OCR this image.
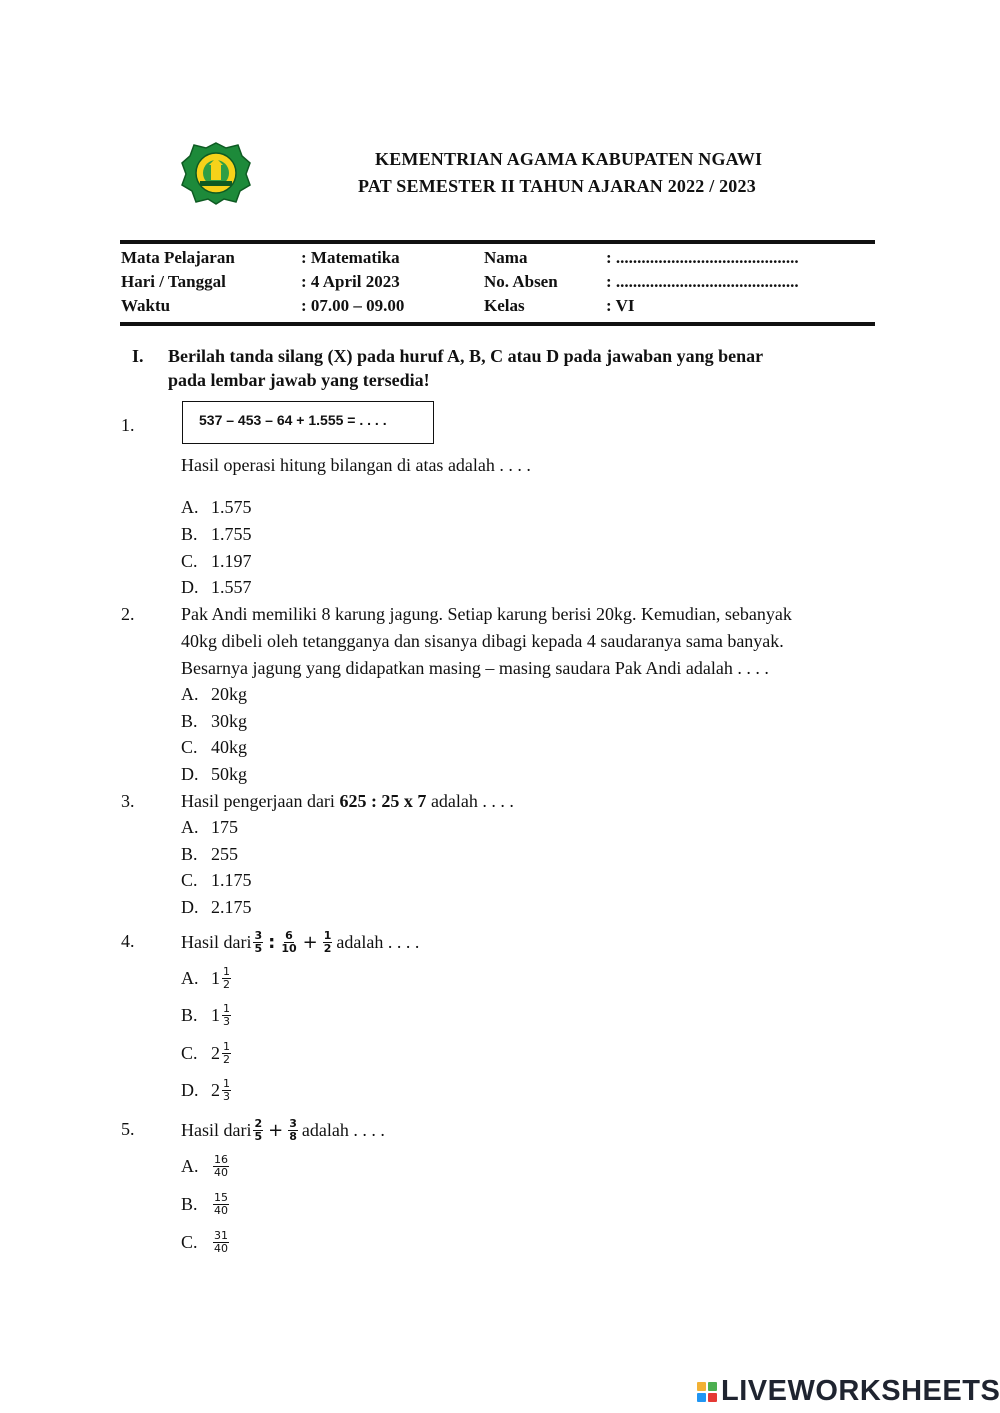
KEMENTRIAN AGAMA KABUPATEN NGAWI
PAT SEMESTER II TAHUN AJARAN 2022 / 2023
Mata Pelajaran	: Matematika	Nama	: ...........................................
Hari / Tanggal	: 4 April 2023	No. Absen	: ...........................................
Waktu	: 07.00 – 09.00	Kelas	: VI
I. Berilah tanda silang (X) pada huruf A, B, C atau D pada jawaban yang benar
pada lembar jawab yang tersedia!
1.	537 – 453 – 64 + 1.555 = . . . .
Hasil operasi hitung bilangan di atas adalah . . . .
A. 1.575
B. 1.755
C. 1.197
D. 1.557
2.	Pak Andi memiliki 8 karung jagung. Setiap karung berisi 20kg. Kemudian, sebanyak
40kg dibeli oleh tetangganya dan sisanya dibagi kepada 4 saudaranya sama banyak.
Besarnya jagung yang didapatkan masing – masing saudara Pak Andi adalah . . . .
A. 20kg
B. 30kg
C. 40kg
D. 50kg
3.	Hasil pengerjaan dari 625 : 25 x 7 adalah . . . .
A. 175
B. 255
C. 1.175
D. 2.175
4.	Hasil dari $\frac{3}{5}$ : $\frac{6}{10} + \frac{1}{2}$ adalah . . . .
A. $1 \frac{1}{2}$
B. $1 \frac{1}{3}$
C. $2 \frac{1}{2}$
D. $2 \frac{1}{3}$
5.	Hasil dari $\frac{2}{5} + \frac{3}{8}$ adalah . . . .
A.	$\frac{16}{40}$
B.	$\frac{15}{40}$
C.	$\frac{31}{40}$
LIVEWORKSHEETS
